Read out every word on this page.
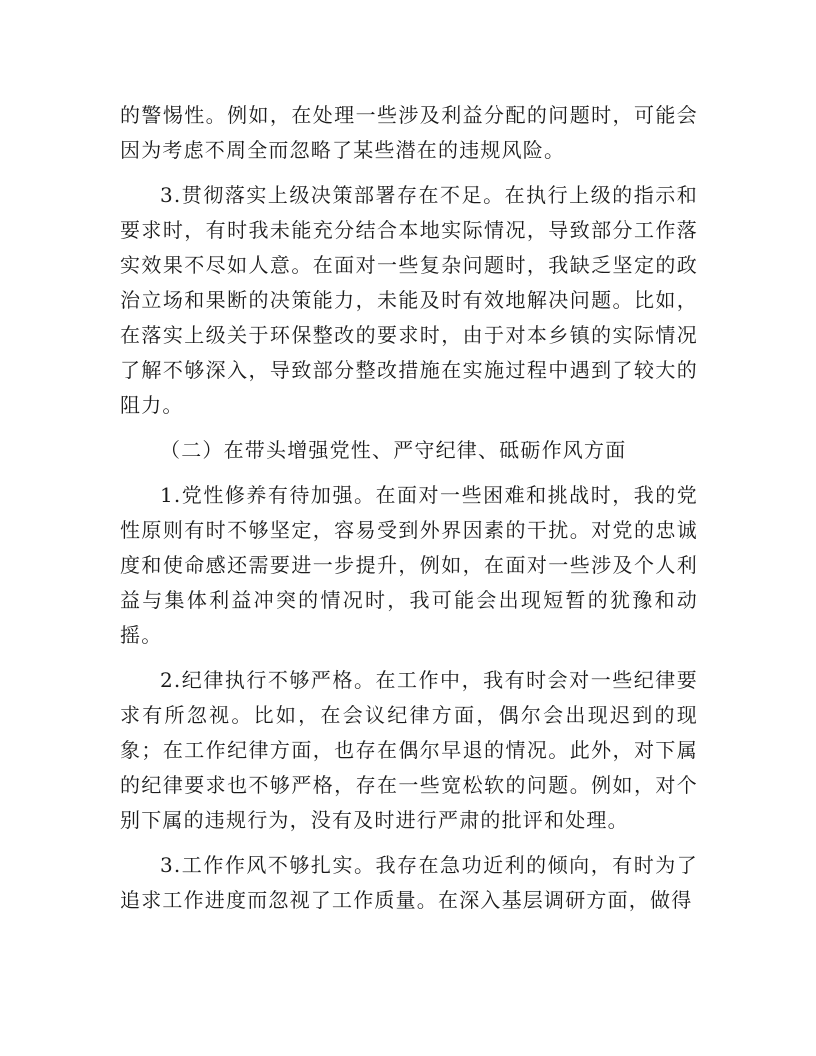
的警惕性。例如，在处理一些涉及利益分配的问题时，可能会因为考虑不周全而忽略了某些潜在的违规风险。

3.贯彻落实上级决策部署存在不足。在执行上级的指示和要求时，有时我未能充分结合本地实际情况，导致部分工作落实效果不尽如人意。在面对一些复杂问题时，我缺乏坚定的政治立场和果断的决策能力，未能及时有效地解决问题。比如，在落实上级关于环保整改的要求时，由于对本乡镇的实际情况了解不够深入，导致部分整改措施在实施过程中遇到了较大的阻力。

（二）在带头增强党性、严守纪律、砥砺作风方面

1.党性修养有待加强。在面对一些困难和挑战时，我的党性原则有时不够坚定，容易受到外界因素的干扰。对党的忠诚度和使命感还需要进一步提升，例如，在面对一些涉及个人利益与集体利益冲突的情况时，我可能会出现短暂的犹豫和动摇。

2.纪律执行不够严格。在工作中，我有时会对一些纪律要求有所忽视。比如，在会议纪律方面，偶尔会出现迟到的现象；在工作纪律方面，也存在偶尔早退的情况。此外，对下属的纪律要求也不够严格，存在一些宽松软的问题。例如，对个别下属的违规行为，没有及时进行严肃的批评和处理。

3.工作作风不够扎实。我存在急功近利的倾向，有时为了追求工作进度而忽视了工作质量。在深入基层调研方面，做得
